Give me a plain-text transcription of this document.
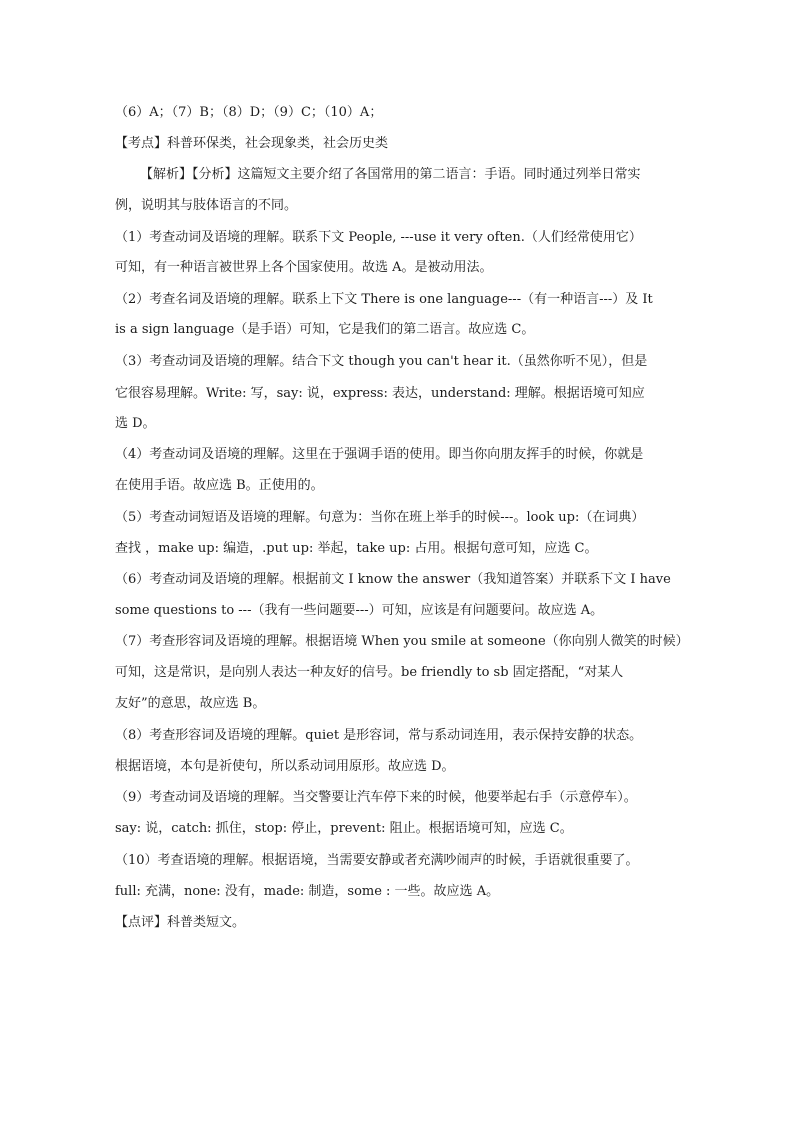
（6）A；（7）B；（8）D；（9）C；（10）A；
【考点】科普环保类，社会现象类，社会历史类
【解析】【分析】这篇短文主要介绍了各国常用的第二语言：手语。同时通过列举日常实
例，说明其与肢体语言的不同。
（1）考查动词及语境的理解。联系下文 People, ---use it very often.（人们经常使用它）
可知，有一种语言被世界上各个国家使用。故选 A。是被动用法。
（2）考查名词及语境的理解。联系上下文 There is one language---（有一种语言---）及 It
is a sign language（是手语）可知，它是我们的第二语言。故应选 C。
（3）考查动词及语境的理解。结合下文 though you can't hear it.（虽然你听不见），但是
它很容易理解。Write: 写，say: 说，express: 表达，understand: 理解。根据语境可知应
选 D。
（4）考查动词及语境的理解。这里在于强调手语的使用。即当你向朋友挥手的时候，你就是
在使用手语。故应选 B。正使用的。
（5）考查动词短语及语境的理解。句意为：当你在班上举手的时候---。look up:（在词典）
查找 ，make up: 编造，.put up: 举起，take up: 占用。根据句意可知，应选 C。
（6）考查动词及语境的理解。根据前文 I know the answer（我知道答案）并联系下文 I have
some questions to ---（我有一些问题要---）可知，应该是有问题要问。故应选 A。
（7）考查形容词及语境的理解。根据语境 When you smile at someone（你向别人微笑的时候）
可知，这是常识，是向别人表达一种友好的信号。be friendly to sb 固定搭配，“对某人
友好”的意思，故应选 B。
（8）考查形容词及语境的理解。quiet 是形容词，常与系动词连用，表示保持安静的状态。
根据语境，本句是祈使句，所以系动词用原形。故应选 D。
（9）考查动词及语境的理解。当交警要让汽车停下来的时候，他要举起右手（示意停车）。
say: 说，catch: 抓住，stop: 停止，prevent: 阻止。根据语境可知，应选 C。
（10）考查语境的理解。根据语境，当需要安静或者充满吵闹声的时候，手语就很重要了。
full: 充满，none: 没有，made: 制造，some : 一些。故应选 A。
【点评】科普类短文。
